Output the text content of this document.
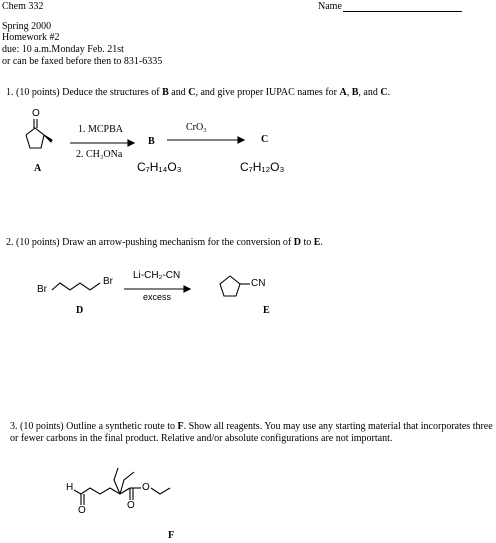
Chem 332	Name
Spring 2000
Homework #2
due: 10 a.m.Monday Feb. 21st
or can be faxed before then to 831-6335
1. (10 points) Deduce the structures of B and C, and give proper IUPAC names for A, B, and C.
O
A
1. MCPBA
2. CH₃ONa
B
CrO₃
C
C₇H₁₄O₃	C₇H₁₂O₃
2. (10 points) Draw an arrow-pushing mechanism for the conversion of D to E.
Br
Br
Li-CH₂-CN
excess
CN
D	E
3. (10 points) Outline a synthetic route to F. Show all reagents. You may use any starting material that incorporates three or fewer carbons in the final product. Relative and/or absolute configurations are not important.
H
O
O
O
F
